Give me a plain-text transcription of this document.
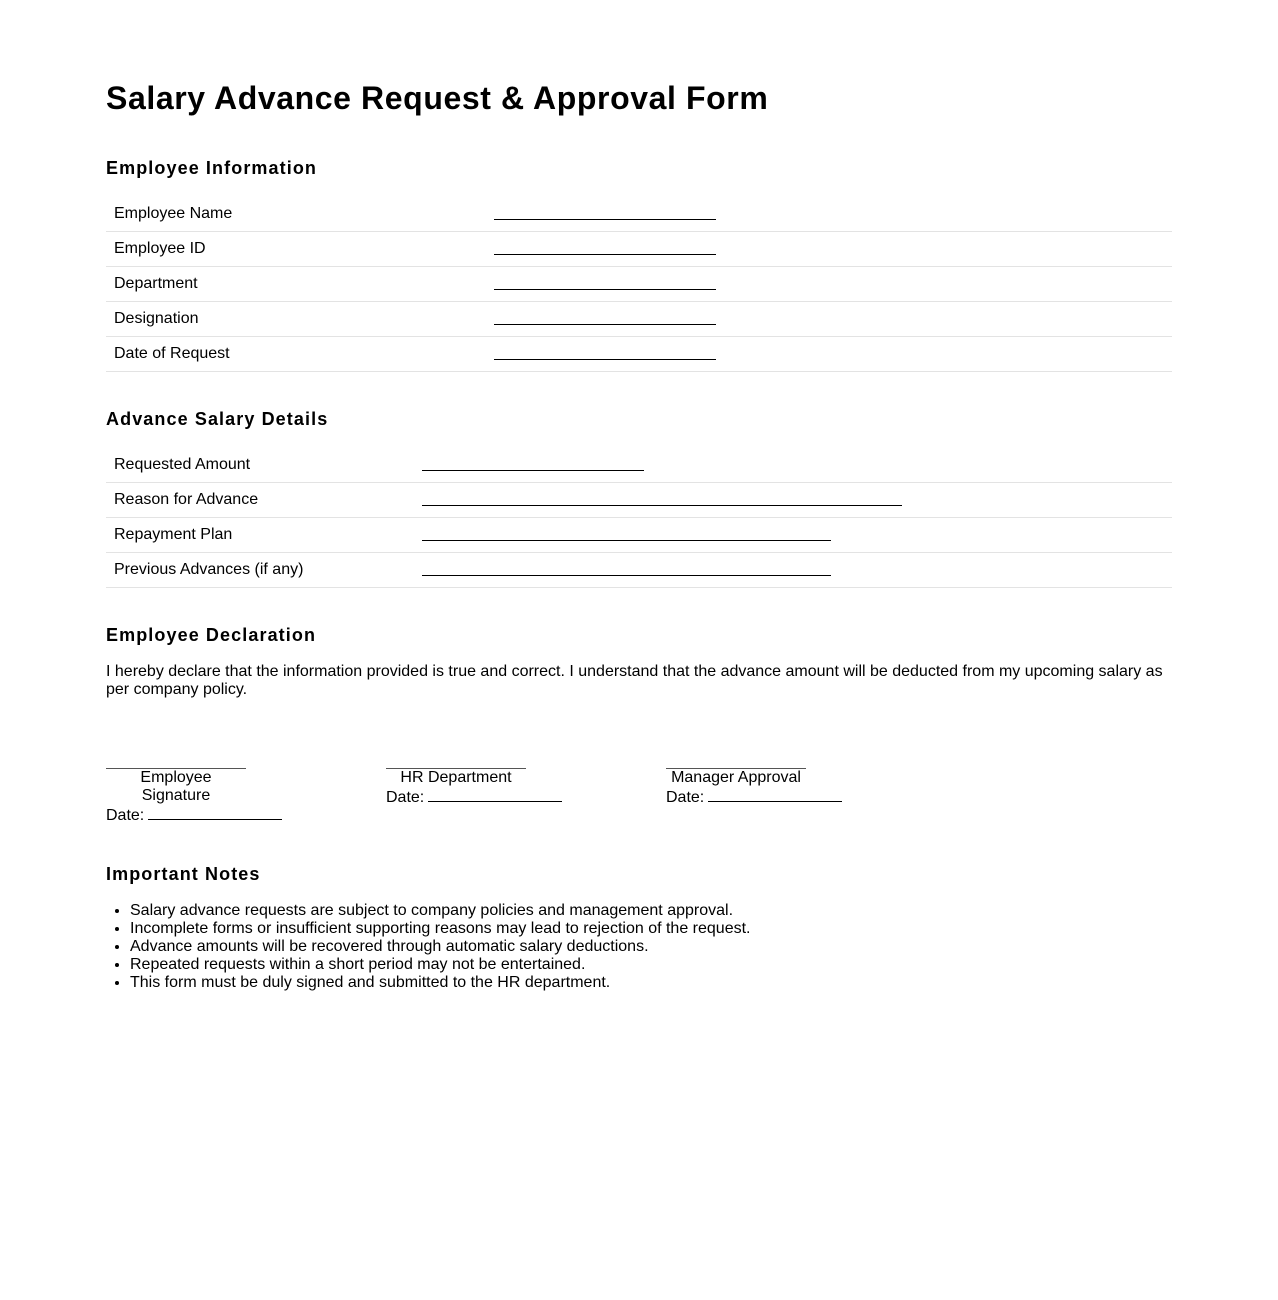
Salary Advance Request & Approval Form
Employee Information
Employee Name
Employee ID
Department
Designation
Date of Request
Advance Salary Details
Requested Amount
Reason for Advance
Repayment Plan
Previous Advances (if any)
Employee Declaration

I hereby declare that the information provided is true and correct. I understand that the advance amount will be deducted from my upcoming salary as per company policy.

Employee Signature
Date:
HR Department
Date:
Manager Approval
Date:
Important Notes
• Salary advance requests are subject to company policies and management approval.
• Incomplete forms or insufficient supporting reasons may lead to rejection of the request.
• Advance amounts will be recovered through automatic salary deductions.
• Repeated requests within a short period may not be entertained.
• This form must be duly signed and submitted to the HR department.
